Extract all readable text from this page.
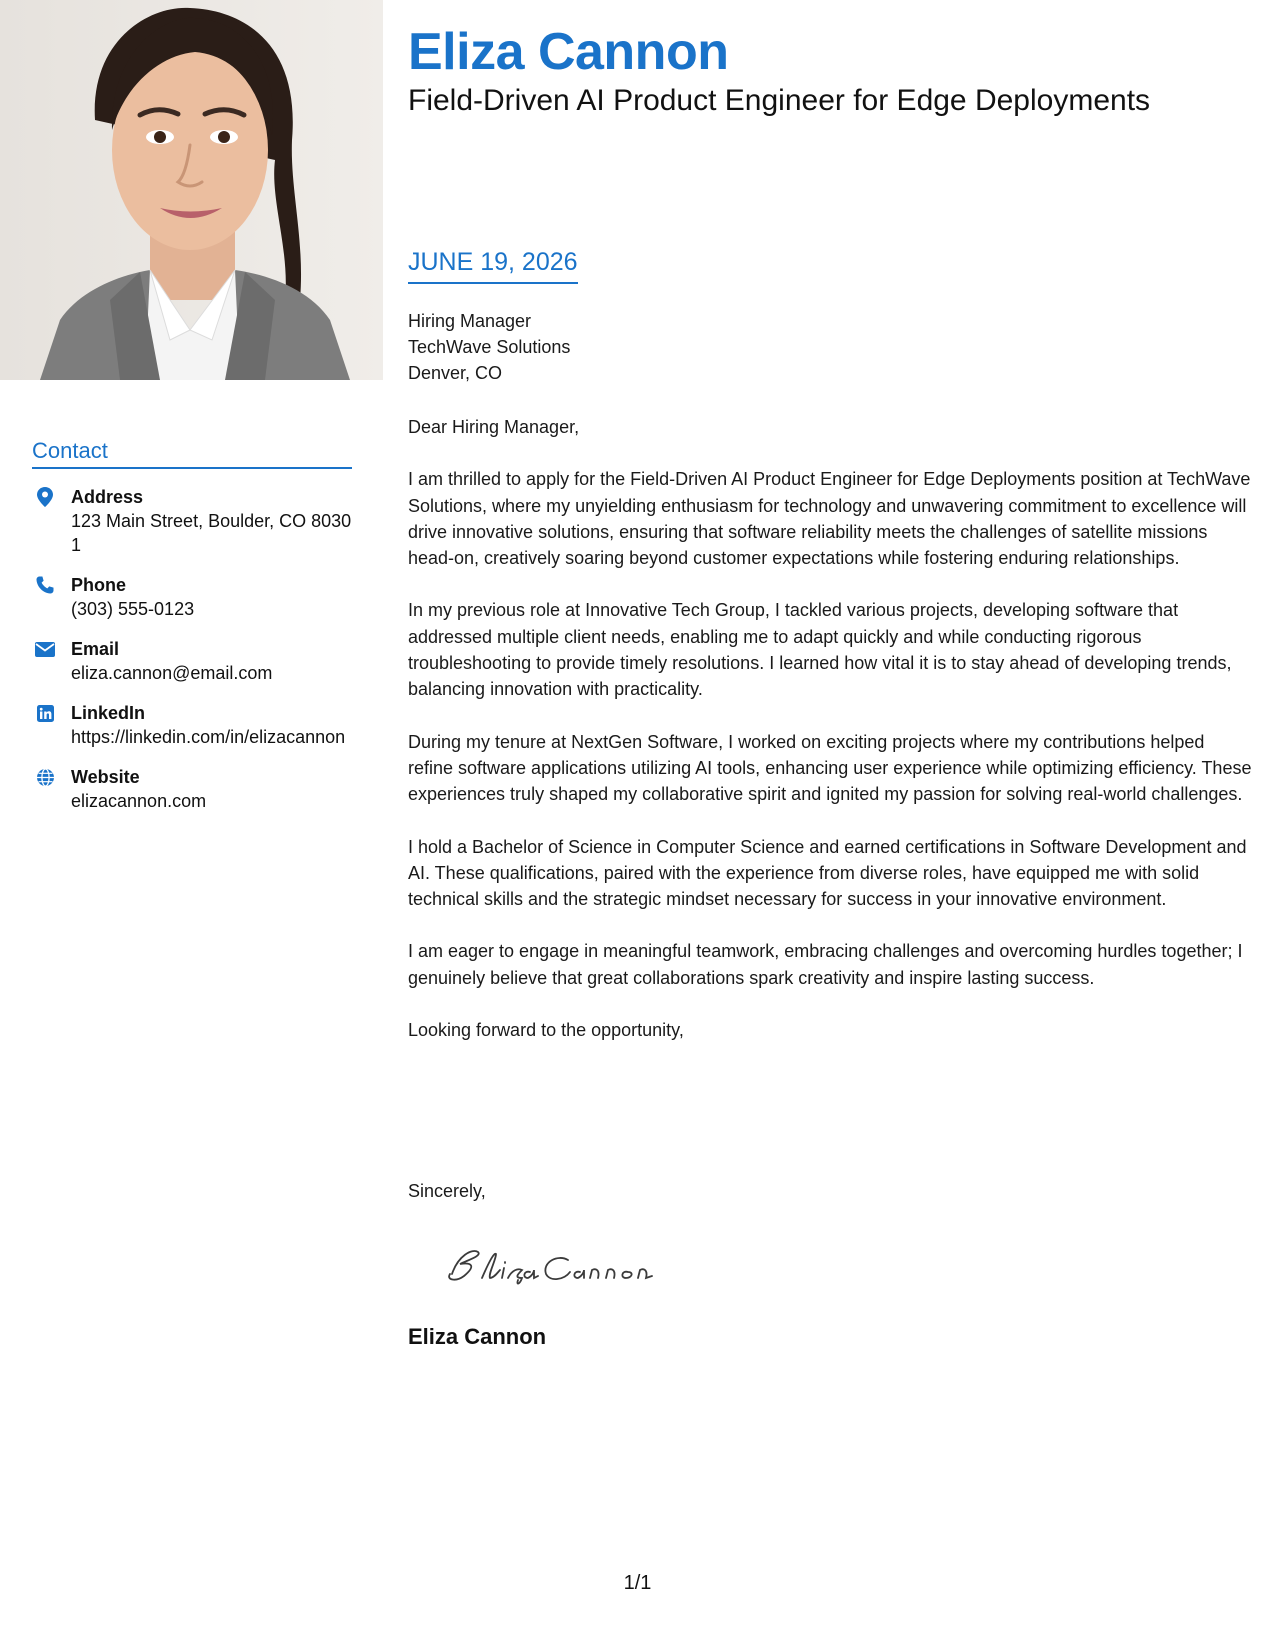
Contact
Address
123 Main Street, Boulder, CO 80301
Phone
(303) 555-0123
Email
eliza.cannon@email.com
LinkedIn
https://linkedin.com/in/elizacannon
Website
elizacannon.com
Eliza Cannon
Field-Driven AI Product Engineer for Edge Deployments
JUNE 19, 2026
Hiring Manager
TechWave Solutions
Denver, CO

Dear Hiring Manager,

I am thrilled to apply for the Field-Driven AI Product Engineer for Edge Deployments position at TechWave Solutions, where my unyielding enthusiasm for technology and unwavering commitment to excellence will drive innovative solutions, ensuring that software reliability meets the challenges of satellite missions head-on, creatively soaring beyond customer expectations while fostering enduring relationships.

In my previous role at Innovative Tech Group, I tackled various projects, developing software that addressed multiple client needs, enabling me to adapt quickly and while conducting rigorous troubleshooting to provide timely resolutions. I learned how vital it is to stay ahead of developing trends, balancing innovation with practicality.

During my tenure at NextGen Software, I worked on exciting projects where my contributions helped refine software applications utilizing AI tools, enhancing user experience while optimizing efficiency. These experiences truly shaped my collaborative spirit and ignited my passion for solving real-world challenges.

I hold a Bachelor of Science in Computer Science and earned certifications in Software Development and AI. These qualifications, paired with the experience from diverse roles, have equipped me with solid technical skills and the strategic mindset necessary for success in your innovative environment.

I am eager to engage in meaningful teamwork, embracing challenges and overcoming hurdles together; I genuinely believe that great collaborations spark creativity and inspire lasting success.

Looking forward to the opportunity,

Sincerely,
Eliza Cannon
1/1
